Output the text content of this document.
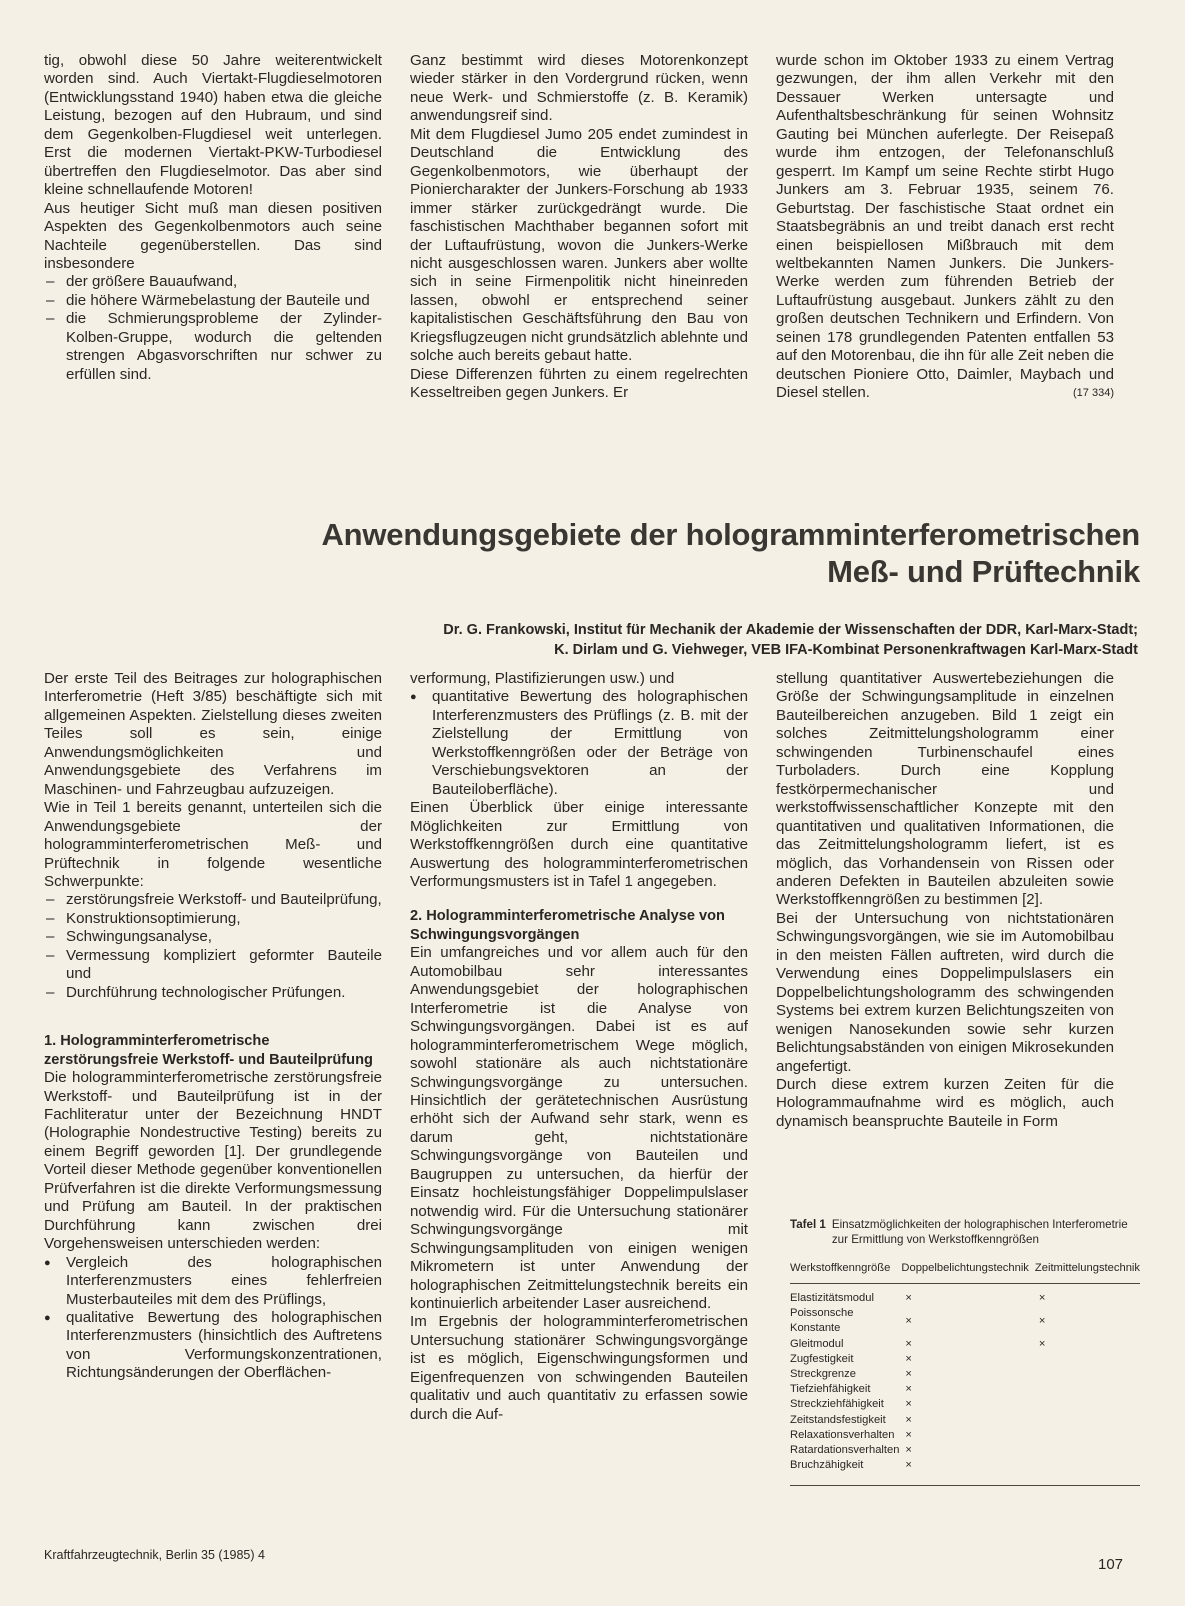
tig, obwohl diese 50 Jahre weiterentwickelt worden sind. Auch Viertakt-Flugdieselmotoren (Entwicklungsstand 1940) haben etwa die gleiche Leistung, bezogen auf den Hubraum, und sind dem Gegenkolben-Flugdiesel weit unterlegen. Erst die modernen Viertakt-PKW-Turbodiesel übertreffen den Flugdieselmotor. Das aber sind kleine schnellaufende Motoren!

Aus heutiger Sicht muß man diesen positiven Aspekten des Gegenkolbenmotors auch seine Nachteile gegenüberstellen. Das sind insbesondere

– der größere Bauaufwand,
– die höhere Wärmebelastung der Bauteile und
– die Schmierungsprobleme der Zylinder-Kolben-Gruppe, wodurch die geltenden strengen Abgasvorschriften nur schwer zu erfüllen sind.

Ganz bestimmt wird dieses Motorenkonzept wieder stärker in den Vordergrund rücken, wenn neue Werk- und Schmierstoffe (z. B. Keramik) anwendungsreif sind.

Mit dem Flugdiesel Jumo 205 endet zumindest in Deutschland die Entwicklung des Gegenkolbenmotors, wie überhaupt der Pioniercharakter der Junkers-Forschung ab 1933 immer stärker zurückgedrängt wurde. Die faschistischen Machthaber begannen sofort mit der Luftaufrüstung, wovon die Junkers-Werke nicht ausgeschlossen waren. Junkers aber wollte sich in seine Firmenpolitik nicht hineinreden lassen, obwohl er entsprechend seiner kapitalistischen Geschäftsführung den Bau von Kriegsflugzeugen nicht grundsätzlich ablehnte und solche auch bereits gebaut hatte.

Diese Differenzen führten zu einem regelrechten Kesseltreiben gegen Junkers. Er

wurde schon im Oktober 1933 zu einem Vertrag gezwungen, der ihm allen Verkehr mit den Dessauer Werken untersagte und Aufenthaltsbeschränkung für seinen Wohnsitz Gauting bei München auferlegte. Der Reisepaß wurde ihm entzogen, der Telefonanschluß gesperrt. Im Kampf um seine Rechte stirbt Hugo Junkers am 3. Februar 1935, seinem 76. Geburtstag. Der faschistische Staat ordnet ein Staatsbegräbnis an und treibt danach erst recht einen beispiellosen Mißbrauch mit dem weltbekannten Namen Junkers. Die Junkers-Werke werden zum führenden Betrieb der Luftaufrüstung ausgebaut. Junkers zählt zu den großen deutschen Technikern und Erfindern. Von seinen 178 grundlegenden Patenten entfallen 53 auf den Motorenbau, die ihn für alle Zeit neben die deutschen Pioniere Otto, Daimler, Maybach und Diesel stellen.	(17 334)

Anwendungsgebiete der hologramminterferometrischen
Meß- und Prüftechnik
Dr. G. Frankowski, Institut für Mechanik der Akademie der Wissenschaften der DDR, Karl-Marx-Stadt;
K. Dirlam und G. Viehweger, VEB IFA-Kombinat Personenkraftwagen Karl-Marx-Stadt

Der erste Teil des Beitrages zur holographischen Interferometrie (Heft 3/85) beschäftigte sich mit allgemeinen Aspekten. Zielstellung dieses zweiten Teiles soll es sein, einige Anwendungsmöglichkeiten und Anwendungsgebiete des Verfahrens im Maschinen- und Fahrzeugbau aufzuzeigen.

Wie in Teil 1 bereits genannt, unterteilen sich die Anwendungsgebiete der hologramminterferometrischen Meß- und Prüftechnik in folgende wesentliche Schwerpunkte:

– zerstörungsfreie Werkstoff- und Bauteilprüfung,
– Konstruktionsoptimierung,
– Schwingungsanalyse,
– Vermessung kompliziert geformter Bauteile und
– Durchführung technologischer Prüfungen.
1. Hologramminterferometrische zerstörungsfreie Werkstoff- und Bauteilprüfung

Die hologramminterferometrische zerstörungsfreie Werkstoff- und Bauteilprüfung ist in der Fachliteratur unter der Bezeichnung HNDT (Holographie Nondestructive Testing) bereits zu einem Begriff geworden [1]. Der grundlegende Vorteil dieser Methode gegenüber konventionellen Prüfverfahren ist die direkte Verformungsmessung und Prüfung am Bauteil. In der praktischen Durchführung kann zwischen drei Vorgehensweisen unterschieden werden:

● Vergleich des holographischen Interferenzmusters eines fehlerfreien Musterbauteiles mit dem des Prüflings,
● qualitative Bewertung des holographischen Interferenzmusters (hinsichtlich des Auftretens von Verformungskonzentrationen, Richtungsänderungen der Oberflächen-

verformung, Plastifizierungen usw.) und

● quantitative Bewertung des holographischen Interferenzmusters des Prüflings (z. B. mit der Zielstellung der Ermittlung von Werkstoffkenngrößen oder der Beträge von Verschiebungsvektoren an der Bauteiloberfläche).

Einen Überblick über einige interessante Möglichkeiten zur Ermittlung von Werkstoffkenngrößen durch eine quantitative Auswertung des hologramminterferometrischen Verformungsmusters ist in Tafel 1 angegeben.

2. Hologramminterferometrische Analyse von Schwingungsvorgängen

Ein umfangreiches und vor allem auch für den Automobilbau sehr interessantes Anwendungsgebiet der holographischen Interferometrie ist die Analyse von Schwingungsvorgängen. Dabei ist es auf hologramminterferometrischem Wege möglich, sowohl stationäre als auch nichtstationäre Schwingungsvorgänge zu untersuchen. Hinsichtlich der gerätetechnischen Ausrüstung erhöht sich der Aufwand sehr stark, wenn es darum geht, nichtstationäre Schwingungsvorgänge von Bauteilen und Baugruppen zu untersuchen, da hierfür der Einsatz hochleistungsfähiger Doppelimpulslaser notwendig wird. Für die Untersuchung stationärer Schwingungsvorgänge mit Schwingungsamplituden von einigen wenigen Mikrometern ist unter Anwendung der holographischen Zeitmittelungstechnik bereits ein kontinuierlich arbeitender Laser ausreichend.

Im Ergebnis der hologramminterferometrischen Untersuchung stationärer Schwingungsvorgänge ist es möglich, Eigenschwingungsformen und Eigenfrequenzen von schwingenden Bauteilen qualitativ und auch quantitativ zu erfassen sowie durch die Auf-

stellung quantitativer Auswertebeziehungen die Größe der Schwingungsamplitude in einzelnen Bauteilbereichen anzugeben. Bild 1 zeigt ein solches Zeitmittelungshologramm einer schwingenden Turbinenschaufel eines Turboladers. Durch eine Kopplung festkörpermechanischer und werkstoffwissenschaftlicher Konzepte mit den quantitativen und qualitativen Informationen, die das Zeitmittelungshologramm liefert, ist es möglich, das Vorhandensein von Rissen oder anderen Defekten in Bauteilen abzuleiten sowie Werkstoffkenngrößen zu bestimmen [2].

Bei der Untersuchung von nichtstationären Schwingungsvorgängen, wie sie im Automobilbau in den meisten Fällen auftreten, wird durch die Verwendung eines Doppelimpulslasers ein Doppelbelichtungshologramm des schwingenden Systems bei extrem kurzen Belichtungszeiten von wenigen Nanosekunden sowie sehr kurzen Belichtungsabständen von einigen Mikrosekunden angefertigt.

Durch diese extrem kurzen Zeiten für die Hologrammaufnahme wird es möglich, auch dynamisch beanspruchte Bauteile in Form

Tafel 1 Einsatzmöglichkeiten der holographischen Interferometrie zur Ermittlung von Werkstoffkenngrößen
Werkstoffkenngröße	Doppelbelichtungstechnik	Zeitmittelungstechnik
Elastizitätsmodul	×	×
Poissonsche Konstante	×	×
Gleitmodul	×	×
Zugfestigkeit	×	
Streckgrenze	×	
Tiefziehfähigkeit	×	
Streckziehfähigkeit	×	
Zeitstandsfestigkeit	×	
Relaxationsverhalten	×	
Ratardationsverhalten	×	
Bruchzähigkeit	×	
Kraftfahrzeugtechnik, Berlin 35 (1985) 4
107
